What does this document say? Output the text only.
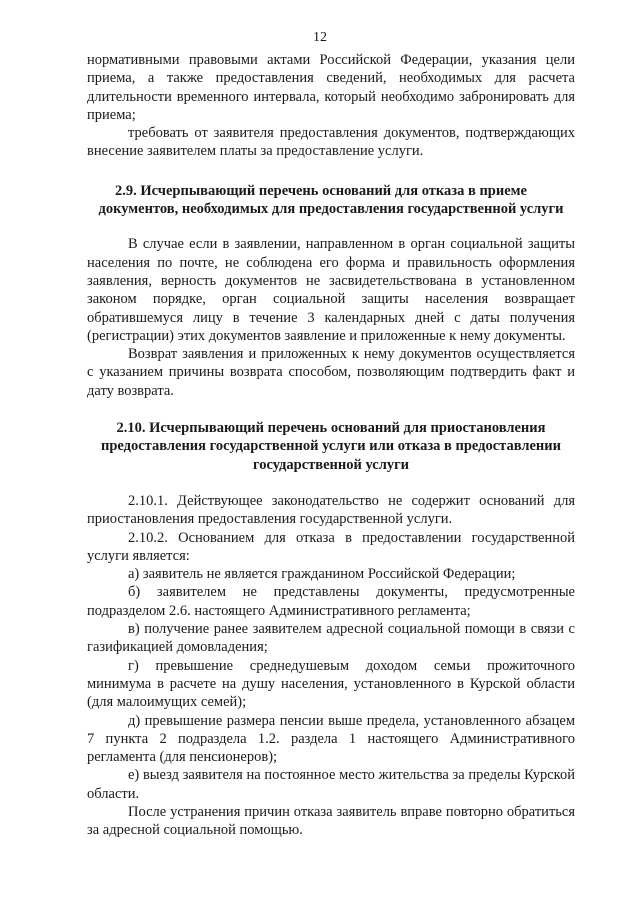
12

нормативными правовыми актами Российской Федерации, указания цели приема, а также предоставления сведений, необходимых для расчета длительности временного интервала, который необходимо забронировать для приема;

требовать от заявителя предоставления документов, подтверждающих внесение заявителем платы за предоставление услуги.

2.9. Исчерпывающий перечень оснований для отказа в приеме
документов, необходимых для предоставления государственной услуги

В случае если в заявлении, направленном в орган социальной защиты населения по почте, не соблюдена его форма и правильность оформления заявления, верность документов не засвидетельствована в установленном законом порядке, орган социальной защиты населения возвращает обратившемуся лицу в течение 3 календарных дней с даты получения (регистрации) этих документов заявление и приложенные к нему документы.

Возврат заявления и приложенных к нему документов осуществляется с указанием причины возврата способом, позволяющим подтвердить факт и дату возврата.

2.10. Исчерпывающий перечень оснований для приостановления предоставления государственной услуги или отказа в предоставлении государственной услуги

2.10.1. Действующее законодательство не содержит оснований для приостановления предоставления государственной услуги.

2.10.2. Основанием для отказа в предоставлении государственной услуги является:

а) заявитель не является гражданином Российской Федерации;

б) заявителем не представлены документы, предусмотренные подразделом 2.6. настоящего Административного регламента;

в) получение ранее заявителем адресной социальной помощи в связи с газификацией домовладения;

г) превышение среднедушевым доходом семьи прожиточного минимума в расчете на душу населения, установленного в Курской области (для малоимущих семей);

д) превышение размера пенсии выше предела, установленного абзацем 7 пункта 2 подраздела 1.2. раздела 1 настоящего Административного регламента (для пенсионеров);

е) выезд заявителя на постоянное место жительства за пределы Курской области.

После устранения причин отказа заявитель вправе повторно обратиться за адресной социальной помощью.
